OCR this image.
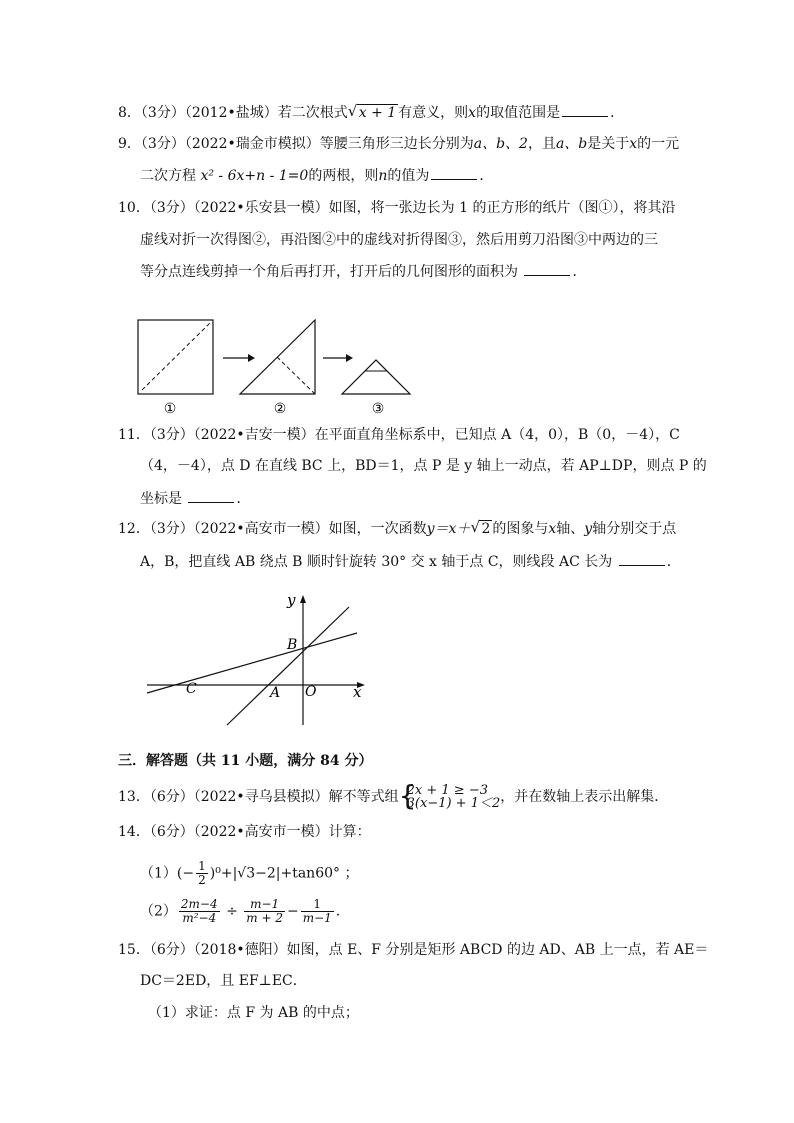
8．（3分）（2012•盐城）若二次根式 √ x + 1 有意义，则x的取值范围是	．
9．（3分）（2022•瑞金市模拟）等腰三角形三边长分别为a、b、2，且a、b是关于x的一元
二次方程 x² - 6x+n - 1=0的两根，则n的值为	．
10．（3分）（2022•乐安县一模）如图，将一张边长为 1 的正方形的纸片（图①），将其沿
虚线对折一次得图②，再沿图②中的虚线对折得图③，然后用剪刀沿图③中两边的三
等分点连线剪掉一个角后再打开，打开后的几何图形的面积为	．
①	②	③
11．（3分）（2022•吉安一模）在平面直角坐标系中，已知点 A（4，0），B（0，－4），C
（4，－4），点 D 在直线 BC 上，BD＝1，点 P 是 y 轴上一动点，若 AP⊥DP，则点 P 的
坐标是	．
12．（3分）（2022•高安市一模）如图，一次函数y＝x＋ √ 2 的图象与x轴、y轴分别交于点
A，B，把直线 AB 绕点 B 顺时针旋转 30° 交 x 轴于点 C，则线段 AC 长为	．
y
x
B
C	A O
三．解答题（共 11 小题，满分 84 分）
13．（6分）（2022•寻乌县模拟）解不等式组 {
2x + 1 ≥ −3
3(x−1) + 1＜2 ，并在数轴上表示出解集．
14．（6分）（2022•高安市一模）计算：
$(1)(- \frac{1}{2} )^0+|√3-2|+\tan 60^\circ$ ；
$(2) \frac{2m-4}{\text{m²−4}} \div \frac{m-1}{m + 2} - \frac{1}{m-1}$ .
15．（6分）（2018•德阳）如图，点 E、F 分别是矩形 ABCD 的边 AD、AB 上一点，若 AE＝
DC＝2ED，且 EF⊥EC．
（1）求证：点 F 为 AB 的中点；
